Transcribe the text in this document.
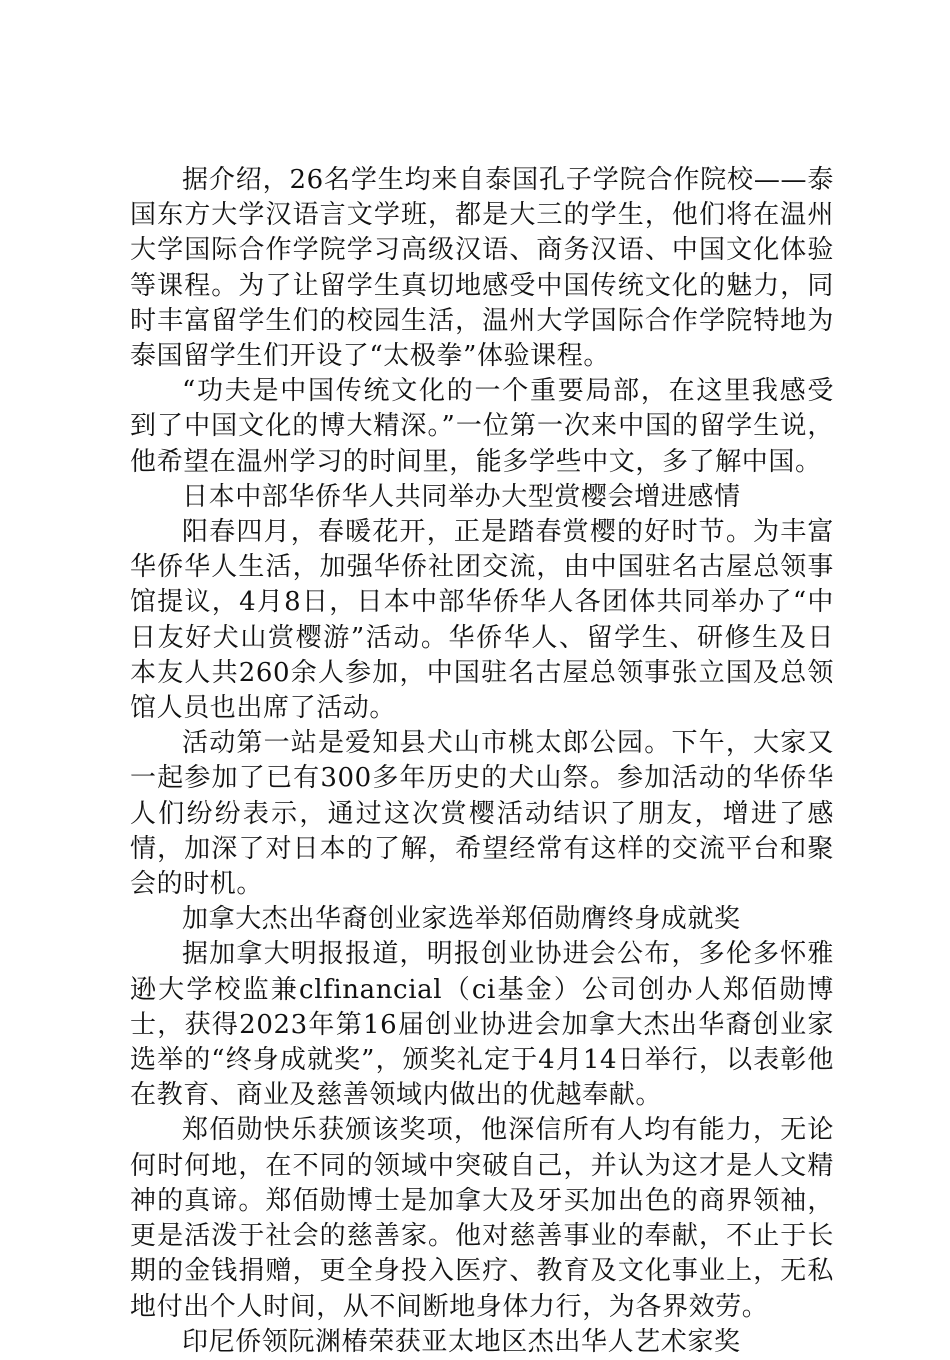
据介绍，26名学生均来自泰国孔子学院合作院校——泰国东方大学汉语言文学班，都是大三的学生，他们将在温州大学国际合作学院学习高级汉语、商务汉语、中国文化体验等课程。为了让留学生真切地感受中国传统文化的魅力，同时丰富留学生们的校园生活，温州大学国际合作学院特地为泰国留学生们开设了“太极拳”体验课程。

“功夫是中国传统文化的一个重要局部，在这里我感受到了中国文化的博大精深。”一位第一次来中国的留学生说，他希望在温州学习的时间里，能多学些中文，多了解中国。

日本中部华侨华人共同举办大型赏樱会增进感情

阳春四月，春暖花开，正是踏春赏樱的好时节。为丰富华侨华人生活，加强华侨社团交流，由中国驻名古屋总领事馆提议，4月8日，日本中部华侨华人各团体共同举办了“中日友好犬山赏樱游”活动。华侨华人、留学生、研修生及日本友人共260余人参加，中国驻名古屋总领事张立国及总领馆人员也出席了活动。

活动第一站是爱知县犬山市桃太郎公园。下午，大家又一起参加了已有300多年历史的犬山祭。参加活动的华侨华人们纷纷表示，通过这次赏樱活动结识了朋友，增进了感情，加深了对日本的了解，希望经常有这样的交流平台和聚会的时机。

加拿大杰出华裔创业家选举郑佰勋膺终身成就奖

据加拿大明报报道，明报创业协进会公布，多伦多怀雅逊大学校监兼clfinancial（ci基金）公司创办人郑佰勋博士，获得2023年第16届创业协进会加拿大杰出华裔创业家选举的“终身成就奖”，颁奖礼定于4月14日举行，以表彰他在教育、商业及慈善领域内做出的优越奉献。

郑佰勋快乐获颁该奖项，他深信所有人均有能力，无论何时何地，在不同的领域中突破自己，并认为这才是人文精神的真谛。郑佰勋博士是加拿大及牙买加出色的商界领袖，更是活泼于社会的慈善家。他对慈善事业的奉献，不止于长期的金钱捐赠，更全身投入医疗、教育及文化事业上，无私地付出个人时间，从不间断地身体力行，为各界效劳。

印尼侨领阮渊椿荣获亚太地区杰出华人艺术家奖
